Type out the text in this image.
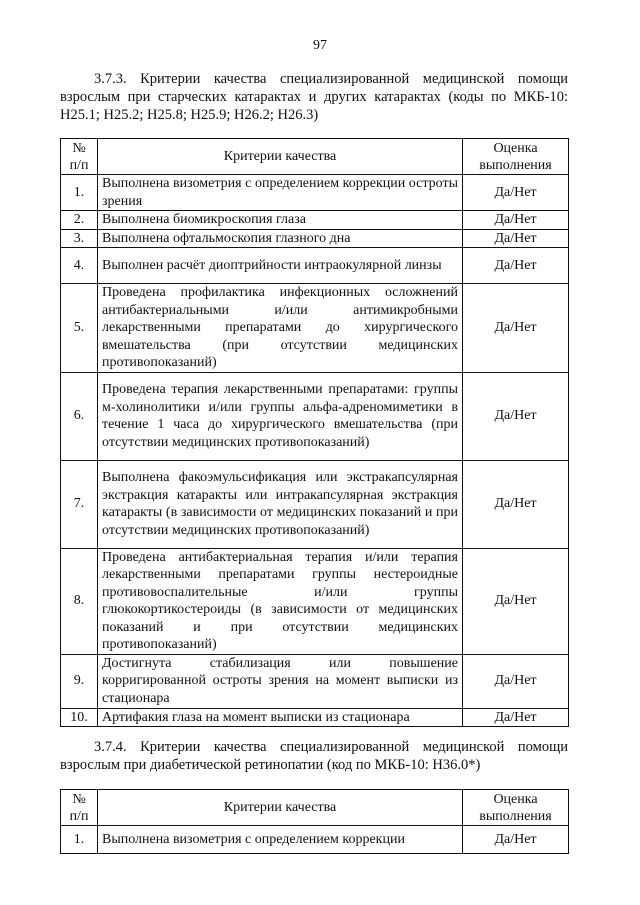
97
3.7.3. Критерии качества специализированной медицинской помощи взрослым при старческих катарактах и других катарактах (коды по МКБ-10: H25.1; H25.2; H25.8; H25.9; H26.2; H26.3)
№ п/п	Критерии качества	Оценка выполнения
1.	Выполнена визометрия с определением коррекции остроты зрения	Да/Нет
2.	Выполнена биомикроскопия глаза	Да/Нет
3.	Выполнена офтальмоскопия глазного дна	Да/Нет
4.	Выполнен расчёт диоптрийности интраокулярной линзы	Да/Нет
5.	Проведена профилактика инфекционных осложнений антибактериальными и/или антимикробными лекарственными препаратами до хирургического вмешательства (при отсутствии медицинских противопоказаний)	Да/Нет
6.	Проведена терапия лекарственными препаратами: группы м-холинолитики и/или группы альфа-адреномиметики в течение 1 часа до хирургического вмешательства (при отсутствии медицинских противопоказаний)	Да/Нет
7.	Выполнена факоэмульсификация или экстракапсулярная экстракция катаракты или интракапсулярная экстракция катаракты (в зависимости от медицинских показаний и при отсутствии медицинских противопоказаний)	Да/Нет
8.	Проведена антибактериальная терапия и/или терапия лекарственными препаратами группы нестероидные противовоспалительные и/или группы глюкокортикостероиды (в зависимости от медицинских показаний и при отсутствии медицинских противопоказаний)	Да/Нет
9.	Достигнута стабилизация или повышение корригированной остроты зрения на момент выписки из стационара	Да/Нет
10.	Артифакия глаза на момент выписки из стационара	Да/Нет
3.7.4. Критерии качества специализированной медицинской помощи взрослым при диабетической ретинопатии (код по МКБ-10: H36.0*)
№ п/п	Критерии качества	Оценка выполнения
1.	Выполнена визометрия с определением коррекции	Да/Нет
